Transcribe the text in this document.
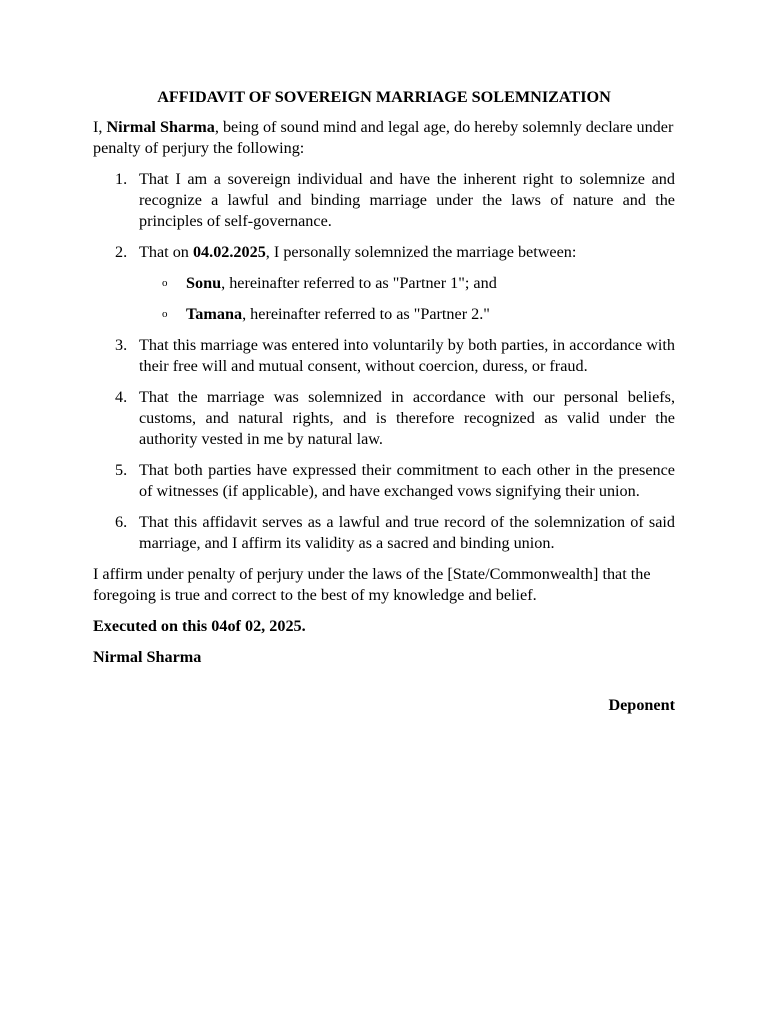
AFFIDAVIT OF SOVEREIGN MARRIAGE SOLEMNIZATION

I, Nirmal Sharma, being of sound mind and legal age, do hereby solemnly declare under penalty of perjury the following:

1. That I am a sovereign individual and have the inherent right to solemnize and recognize a lawful and binding marriage under the laws of nature and the principles of self-governance.
2. That on 04.02.2025, I personally solemnized the marriage between:
o Sonu, hereinafter referred to as "Partner 1"; and
o Tamana, hereinafter referred to as "Partner 2."
3. That this marriage was entered into voluntarily by both parties, in accordance with their free will and mutual consent, without coercion, duress, or fraud.
4. That the marriage was solemnized in accordance with our personal beliefs, customs, and natural rights, and is therefore recognized as valid under the authority vested in me by natural law.
5. That both parties have expressed their commitment to each other in the presence of witnesses (if applicable), and have exchanged vows signifying their union.
6. That this affidavit serves as a lawful and true record of the solemnization of said marriage, and I affirm its validity as a sacred and binding union.

I affirm under penalty of perjury under the laws of the [State/Commonwealth] that the foregoing is true and correct to the best of my knowledge and belief.

Executed on this 04of 02, 2025.

Nirmal Sharma

Deponent
